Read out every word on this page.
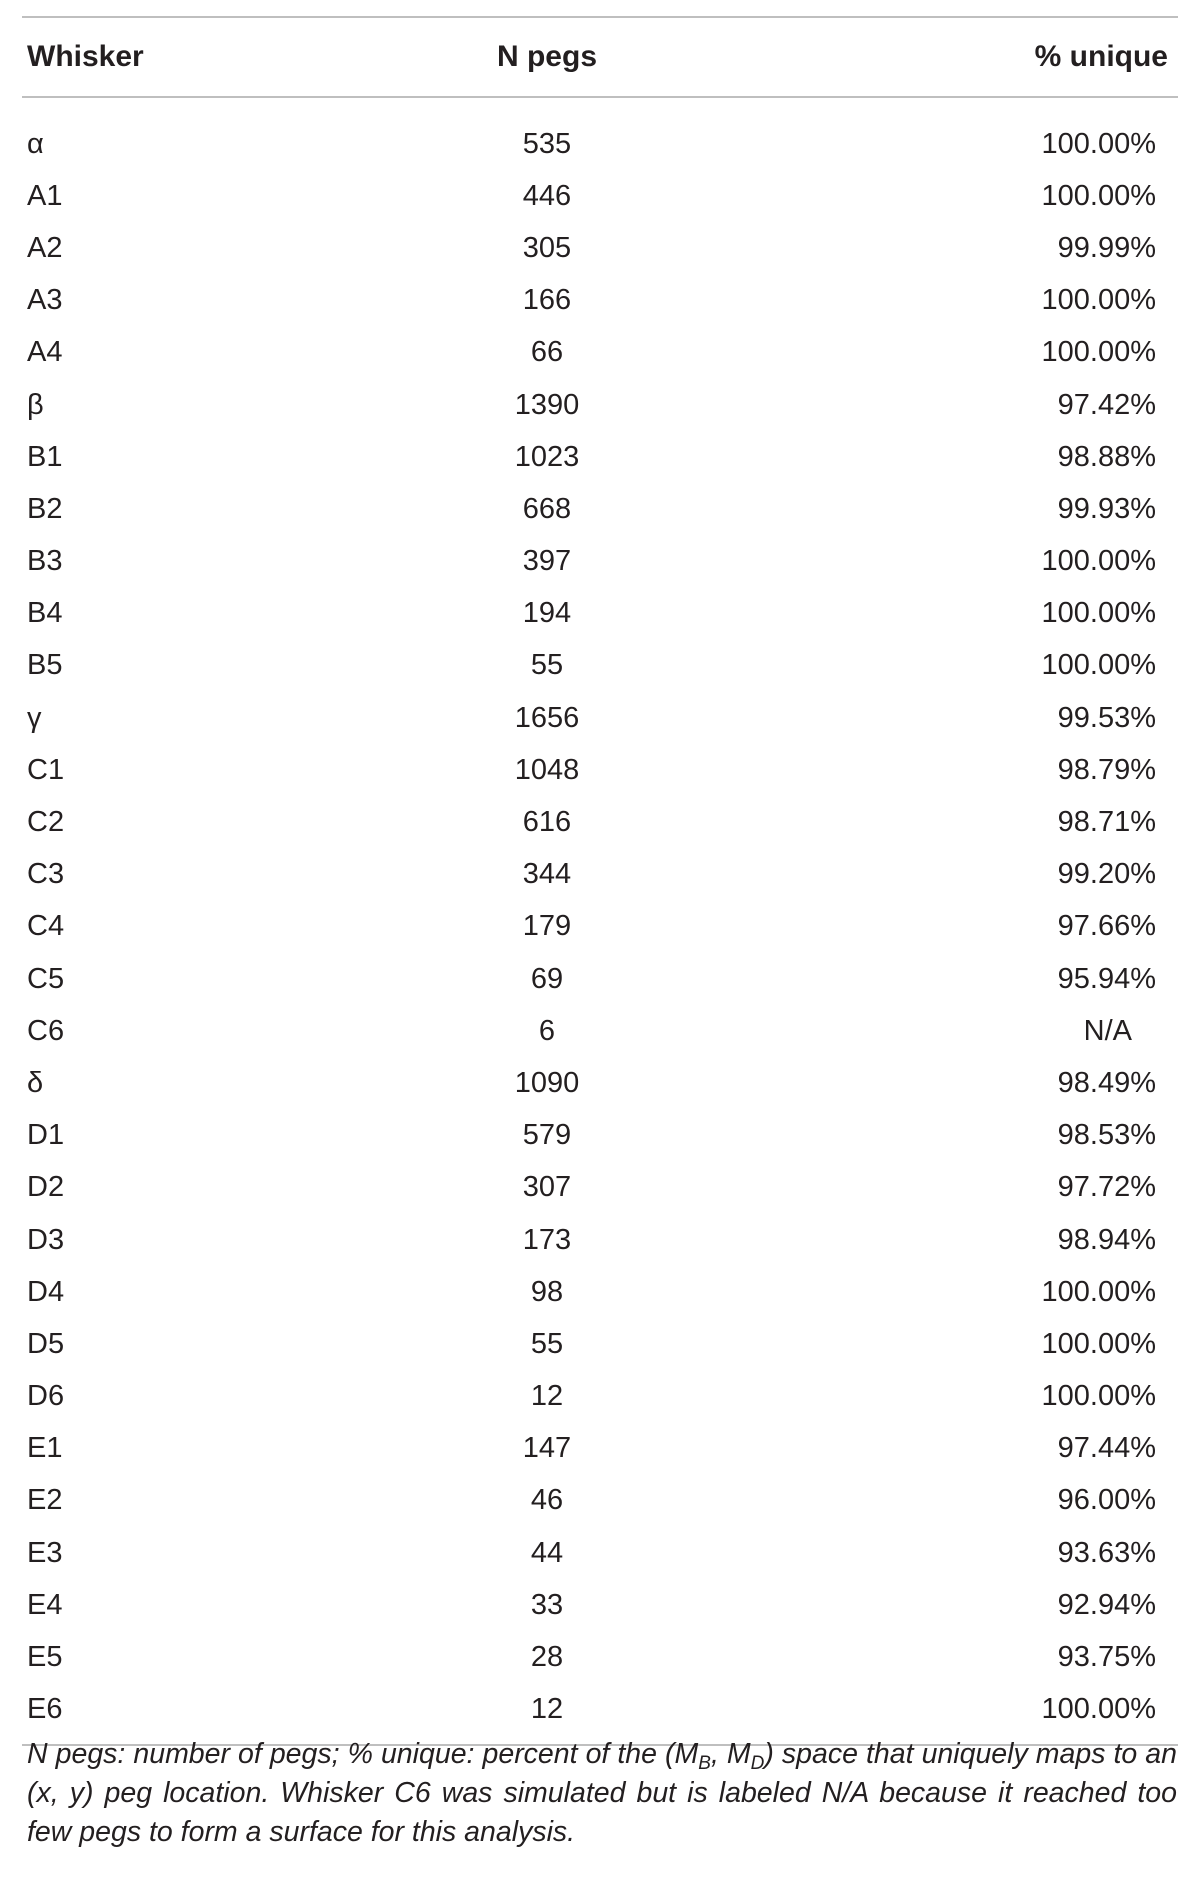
Whisker	N pegs	% unique
α	535	100.00%
A1	446	100.00%
A2	305	99.99%
A3	166	100.00%
A4	66	100.00%
β	1390	97.42%
B1	1023	98.88%
B2	668	99.93%
B3	397	100.00%
B4	194	100.00%
B5	55	100.00%
γ	1656	99.53%
C1	1048	98.79%
C2	616	98.71%
C3	344	99.20%
C4	179	97.66%
C5	69	95.94%
C6	6	N/A
δ	1090	98.49%
D1	579	98.53%
D2	307	97.72%
D3	173	98.94%
D4	98	100.00%
D5	55	100.00%
D6	12	100.00%
E1	147	97.44%
E2	46	96.00%
E3	44	93.63%
E4	33	92.94%
E5	28	93.75%
E6	12	100.00%
N pegs: number of pegs; % unique: percent of the ($M_B$, $M_D$) space that uniquely maps to an (x, y) peg location. Whisker C6 was simulated but is labeled N/A because it reached too few pegs to form a surface for this analysis.
